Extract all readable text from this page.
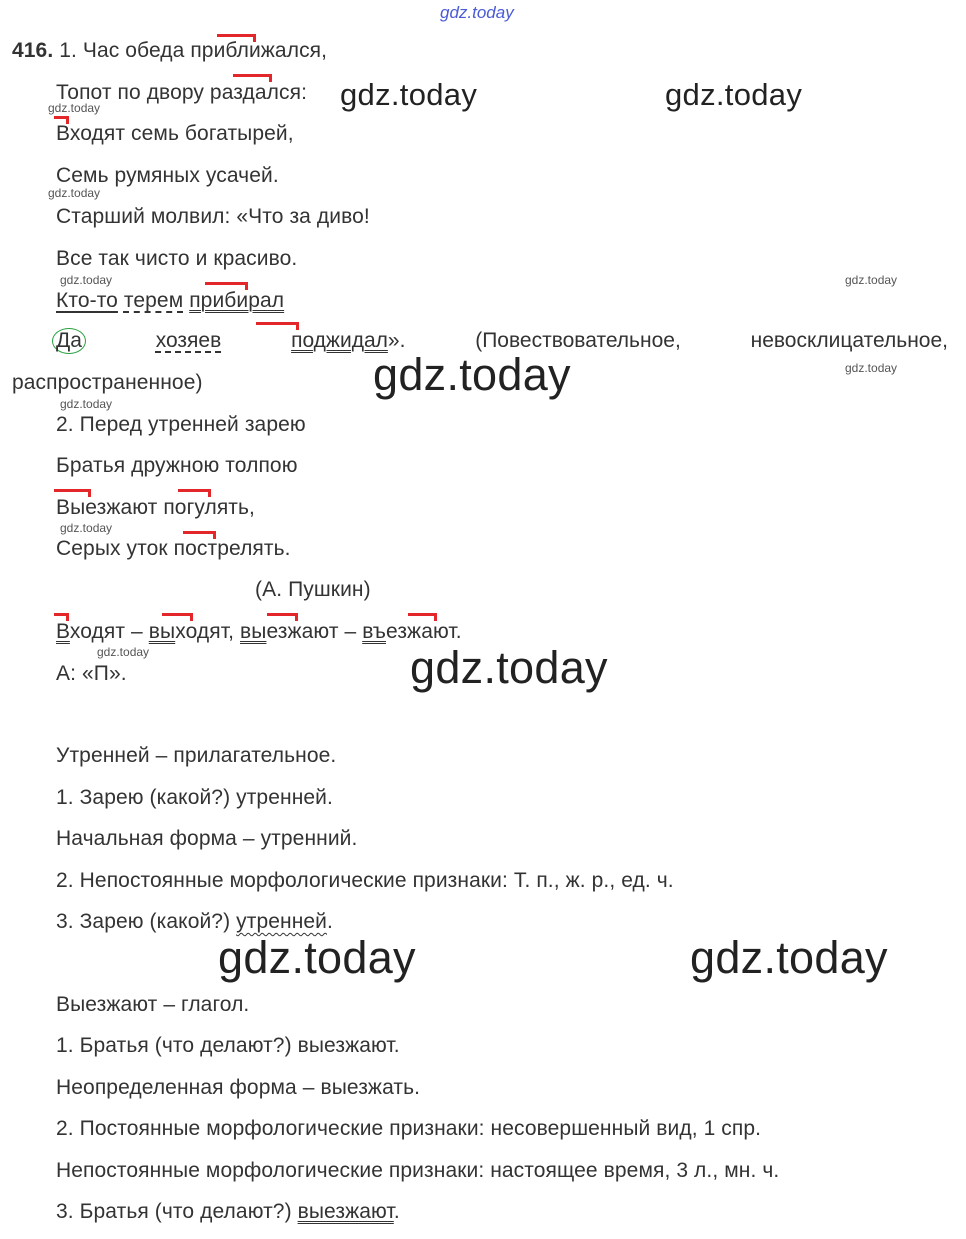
gdz.today
416. 1. Час обеда приближался,
Топот по двору раздался:
Входят семь богатырей,
Семь румяных усачей.
Старший молвил: «Что за диво!
Все так чисто и красиво.
Кто-то терем прибирал
Да	хозяев	поджидал».	(Повествовательное,	невосклицательное,
распространенное)
2. Перед утренней зарею
Братья дружною толпою
Выезжают погулять,
Серых уток пострелять.
(А. Пушкин)
Входят – выходят, выезжают – въезжают.
А: «П».
Утренней – прилагательное.
1. Зарею (какой?) утренней.
Начальная форма – утренний.
2. Непостоянные морфологические признаки: Т. п., ж. р., ед. ч.
3. Зарею (какой?) утренней.
Выезжают – глагол.
1. Братья (что делают?) выезжают.
Неопределенная форма – выезжать.
2. Постоянные морфологические признаки: несовершенный вид, 1 спр.
Непостоянные морфологические признаки: настоящее время, 3 л., мн. ч.
3. Братья (что делают?) выезжают.
gdz.today
gdz.today
gdz.today	gdz.today
gdz.today
gdz.today
gdz.today
gdz.today
gdz.today	gdz.today
gdz.today
gdz.today
gdz.today	gdz.today
